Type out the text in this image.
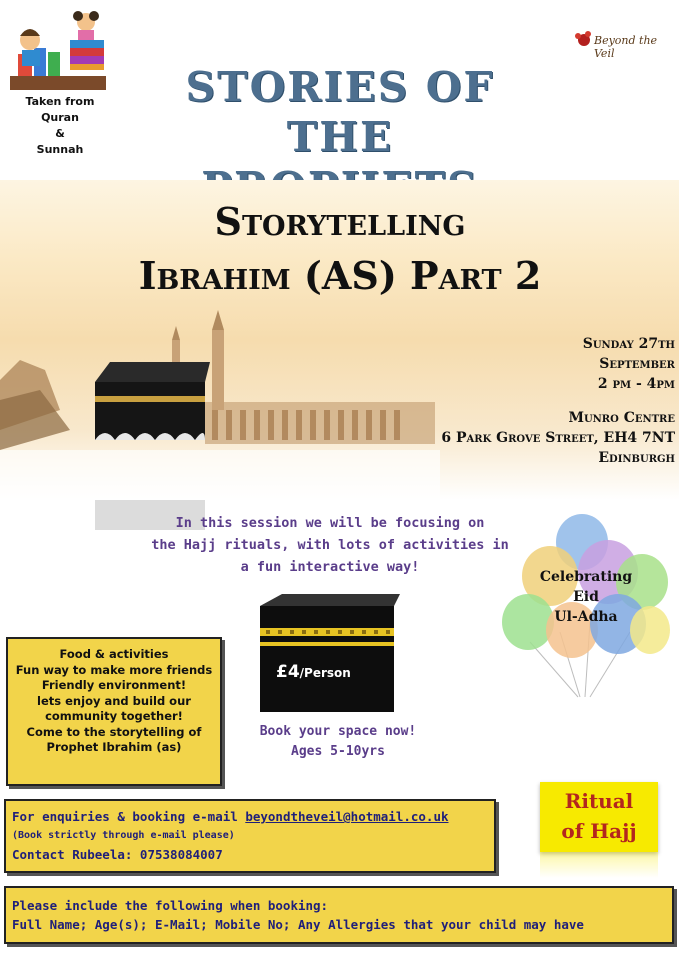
Taken from
Quran
&
Sunnah
STORIES OF THE
Beyond the Veil
Storytelling
Ibrahim (AS) Part 2
Sunday 27th
September
2 pm - 4pm
Munro Centre
6 Park Grove Street, EH4 7NT
Edinburgh
In this session we will be focusing on
the Hajj rituals, with lots of activities in
a fun interactive way!
Celebrating
Eid
Ul-Adha
£4/Person
Book your space now!
Ages 5-10yrs
Food & activities
Fun way to make more friends
Friendly environment!
lets enjoy and build our
community together!
Come to the storytelling of
Prophet Ibrahim (as)
For enquiries & booking e-mail beyondtheveil@hotmail.co.uk
(Book strictly through e-mail please)
Contact Rubeela: 07538084007
Ritual
of Hajj
Please include the following when booking:
Full Name; Age(s); E-Mail; Mobile No; Any Allergies that your child may have
